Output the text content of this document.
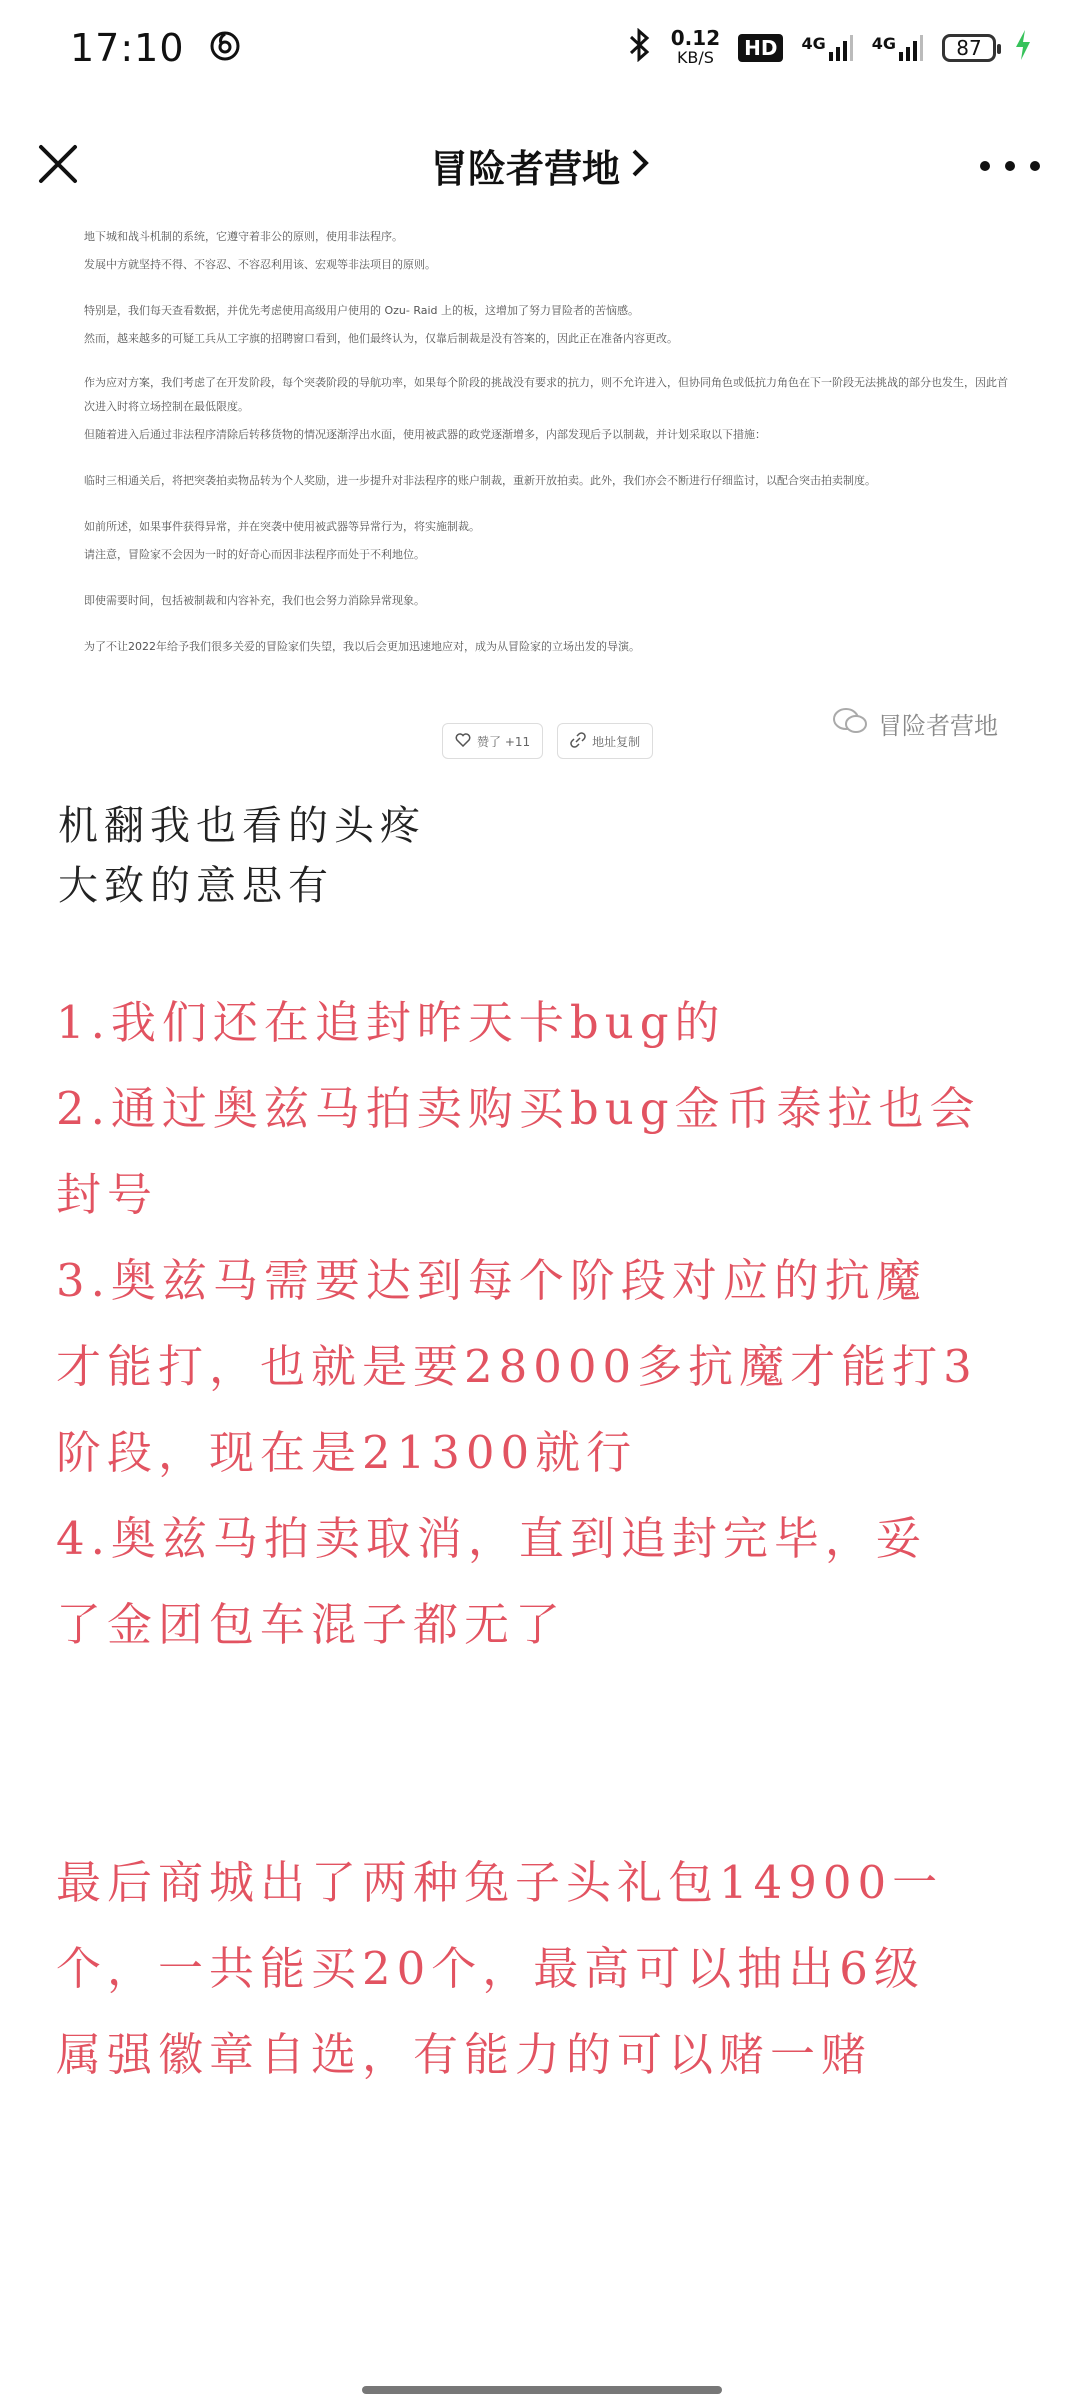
17:10	0.12
KB/S	HD	4G	4G	87
冒险者营地
地下城和战斗机制的系统，它遵守着非公的原则，使用非法程序。
发展中方就坚持不得、不容忍、不容忍利用该、宏观等非法项目的原则。
特别是，我们每天查看数据，并优先考虑使用高级用户使用的 Ozu- Raid 上的板，这增加了努力冒险者的苦恼感。
然而，越来越多的可疑工兵从工字旗的招聘窗口看到，他们最终认为，仅靠后制裁是没有答案的，因此正在准备内容更改。
作为应对方案，我们考虑了在开发阶段，每个突袭阶段的导航功率，如果每个阶段的挑战没有要求的抗力，则不允许进入，但协同角色或低抗力角色在下一阶段无法挑战的部分也发生，因此首次进入时将立场控制在最低限度。
但随着进入后通过非法程序清除后转移货物的情况逐渐浮出水面，使用被武器的政党逐渐增多，内部发现后予以制裁，并计划采取以下措施：
临时三相通关后，将把突袭拍卖物品转为个人奖励，进一步提升对非法程序的账户制裁，重新开放拍卖。此外，我们亦会不断进行仔细监讨，以配合突击拍卖制度。
如前所述，如果事件获得异常，并在突袭中使用被武器等异常行为，将实施制裁。
请注意，冒险家不会因为一时的好奇心而因非法程序而处于不利地位。
即使需要时间，包括被制裁和内容补充，我们也会努力消除异常现象。
为了不让2022年给予我们很多关爱的冒险家们失望，我以后会更加迅速地应对，成为从冒险家的立场出发的导演。
赞了 +11	地址复制
冒险者营地
机翻我也看的头疼
大致的意思有
1.我们还在追封昨天卡bug的
2.通过奥兹马拍卖购买bug金币泰拉也会
封号
3.奥兹马需要达到每个阶段对应的抗魔
才能打，也就是要28000多抗魔才能打3
阶段，现在是21300就行
4.奥兹马拍卖取消，直到追封完毕，妥
了金团包车混子都无了
最后商城出了两种兔子头礼包14900一
个，一共能买20个，最高可以抽出6级
属强徽章自选，有能力的可以赌一赌
